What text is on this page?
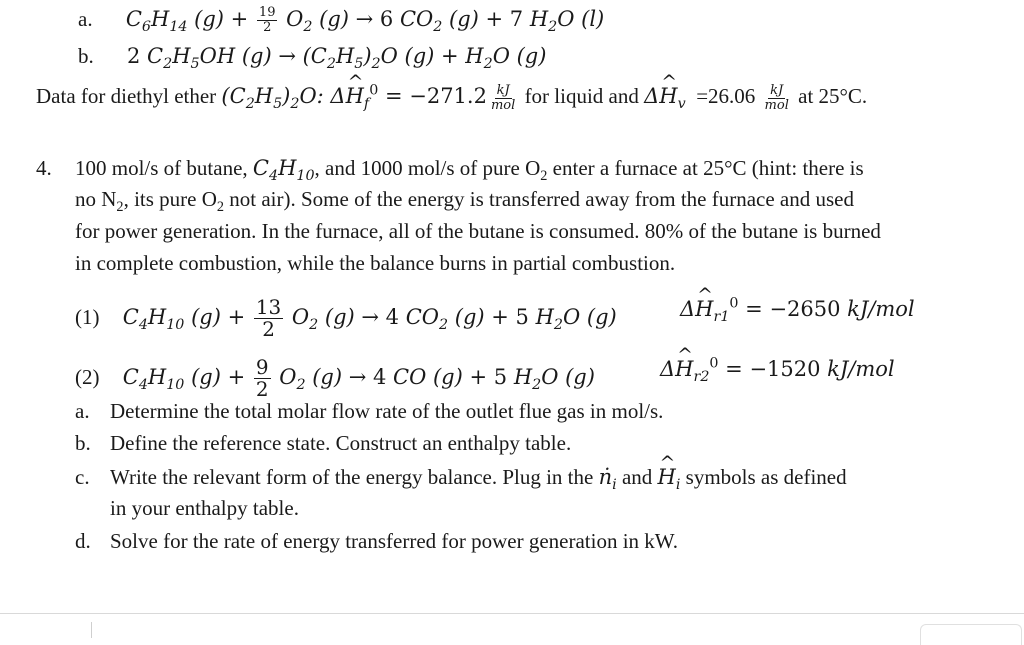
a. $C_6H_{14}$ $(g) + \frac{19}{2} O_2$ (g) → 6 $CO_2$ (g) + 7 $H_2O$ (l)
b. 2 $C_2H_5OH$ $(g) \to (C_2H_5)_2O$ $(g) + H_2O$ (g)
Data for diethyl ether $(C_2H_5)_2O$: Δ^ $H_f^0 = -271.2 \frac{kJ}{\text{mol}}$ for liquid and Δ^ $H_v =26.06 \frac{kJ}{\text{mol}}$ at 25°C.
4. 100 mol/s of butane, $C_4H_{10}$, and 1000 mol/s of pure $O_2$ enter a furnace at 25°C (hint: there is
no $N_2$, its pure $O_2$ not air). Some of the energy is transferred away from the furnace and used
for power generation. In the furnace, all of the butane is consumed. 80% of the butane is burned
in complete combustion, while the balance burns in partial combustion.
(1) $C_4H_{10}$ $(g) + \frac{13}{2} O_2$ (g) → 4 $CO_2$ (g) + 5 $H_2O$ (g)	Δ^ $H_{r1}^0 = -2650$ kJ/mol
(2) $C_4H_{10}$ $(g) + \frac{9}{2} O_2$ (g) → 4 CO (g) + 5 $H_2O$ (g)	Δ^ $H_{r2}^0 = -1520$ kJ/mol
a. Determine the total molar flow rate of the outlet flue gas in mol/s.
b. Define the reference state. Construct an enthalpy table.
c. Write the relevant form of the energy balance. Plug in the ṅ$_i$ and ^ $H_i$ symbols as defined
in your enthalpy table.
d. Solve for the rate of energy transferred for power generation in kW.
